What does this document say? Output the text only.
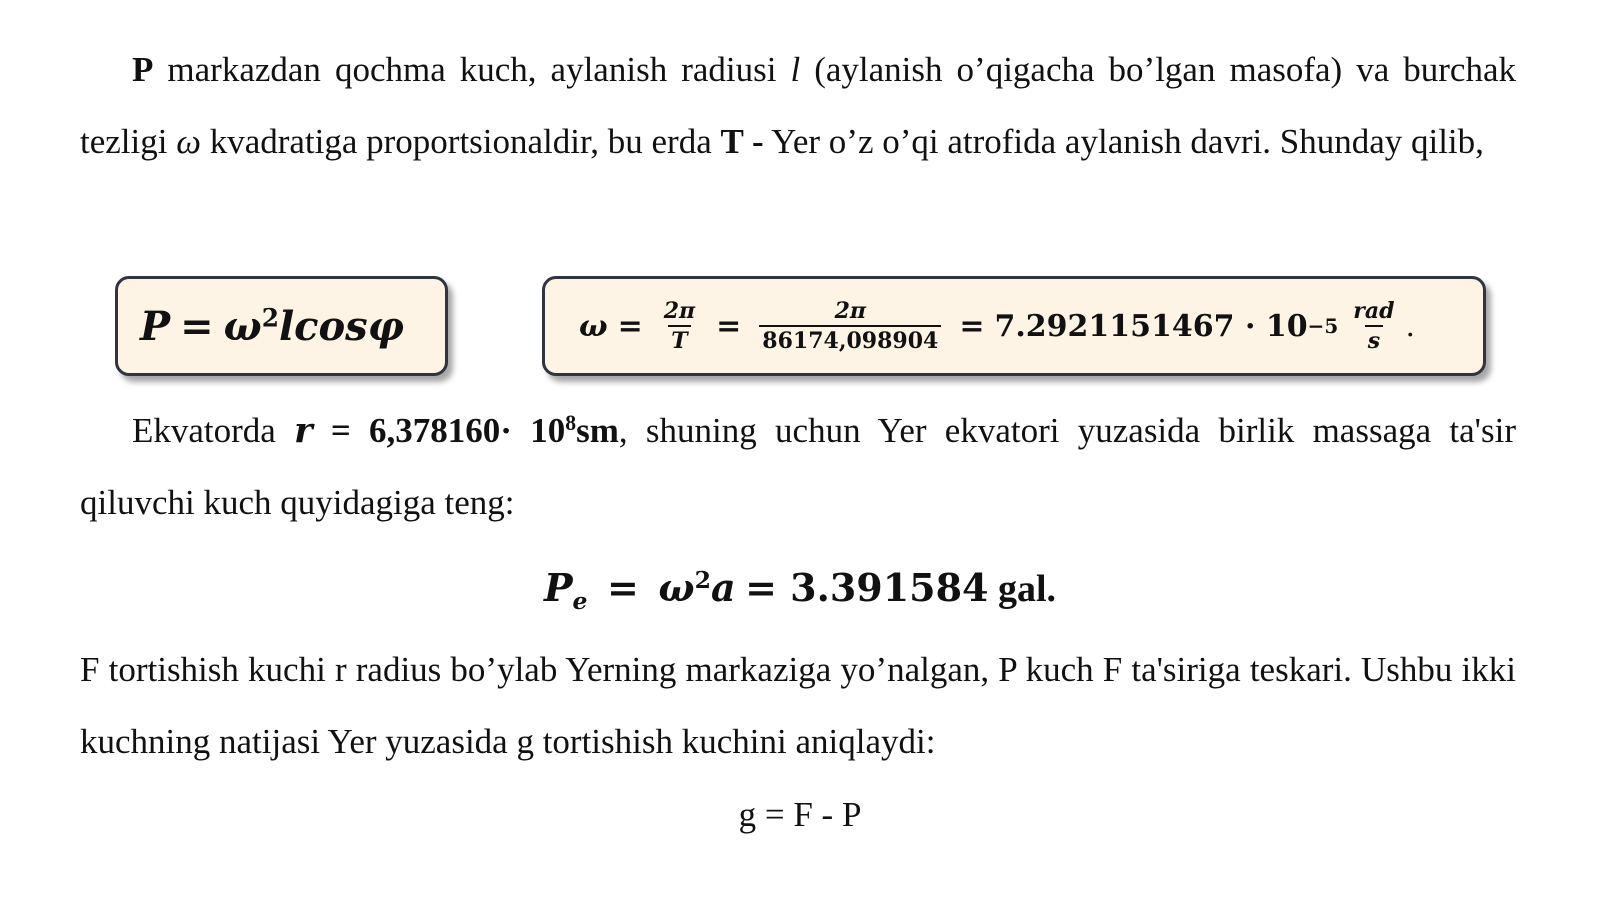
P markazdan qochma kuch, aylanish radiusi l (aylanish o’qigacha bo’lgan masofa) va burchak tezligi ω kvadratiga proportsionaldir, bu erda T - Yer o’z o’qi atrofida aylanish davri. Shunday qilib,

$P = \omega^2lcos\varphi$	$\omega = \frac{2\pi}{T} = \frac{2\pi}{86174,098904} = 7.2921151467 \cdot 10 -5 \frac{\text{rad}}{s}$ .

Ekvatorda $r = 6,378160\cdot 10^8sm$, shuning uchun Yer ekvatori yuzasida birlik massaga ta'sir qiluvchi kuch quyidagiga teng:

$P_e = \omega^2a = 3.391584$ gal.

F tortishish kuchi r radius bo’ylab Yerning markaziga yo’nalgan, P kuch F ta'siriga teskari. Ushbu ikki kuchning natijasi Yer yuzasida g tortishish kuchini aniqlaydi:

g = F - P
